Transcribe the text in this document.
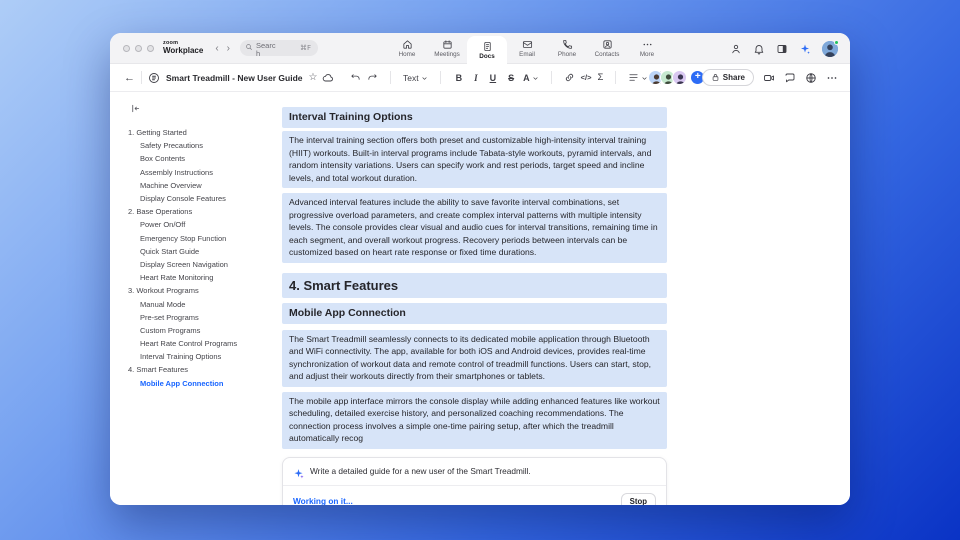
zoom
Workplace	‹ ›	Search
⌘F
Home	Meetings	Docs	Email	Phone	Contacts	More
←	Smart Treadmill - New User Guide ☆	Text	B	I	U	S	A	</> Σ	+	Share
1. Getting Started
Safety Precautions
Box Contents
Assembly Instructions
Machine Overview
Display Console Features
2. Base Operations
Power On/Off
Emergency Stop Function
Quick Start Guide
Display Screen Navigation
Heart Rate Monitoring
3. Workout Programs
Manual Mode
Pre-set Programs
Custom Programs
Heart Rate Control Programs
Interval Training Options
4. Smart Features
Mobile App Connection
Interval Training Options
The interval training section offers both preset and customizable high-intensity interval training (HIIT) workouts. Built-in interval programs include Tabata-style workouts, pyramid intervals, and random intensity variations. Users can specify work and rest periods, target speed and incline levels, and total workout duration.
Advanced interval features include the ability to save favorite interval combinations, set progressive overload parameters, and create complex interval patterns with multiple intensity levels. The console provides clear visual and audio cues for interval transitions, remaining time in each segment, and overall workout progress. Recovery periods between intervals can be customized based on heart rate response or fixed time durations.
4. Smart Features
Mobile App Connection
The Smart Treadmill seamlessly connects to its dedicated mobile application through Bluetooth and WiFi connectivity. The app, available for both iOS and Android devices, provides real-time synchronization of workout data and remote control of treadmill functions. Users can start, stop, and adjust their workouts directly from their smartphones or tablets.
The mobile app interface mirrors the console display while adding enhanced features like workout scheduling, detailed exercise history, and personalized coaching recommendations. The connection process involves a simple one-time pairing setup, after which the treadmill automatically recog
Write a detailed guide for a new user of the Smart Treadmill.
Working on it...	Stop
